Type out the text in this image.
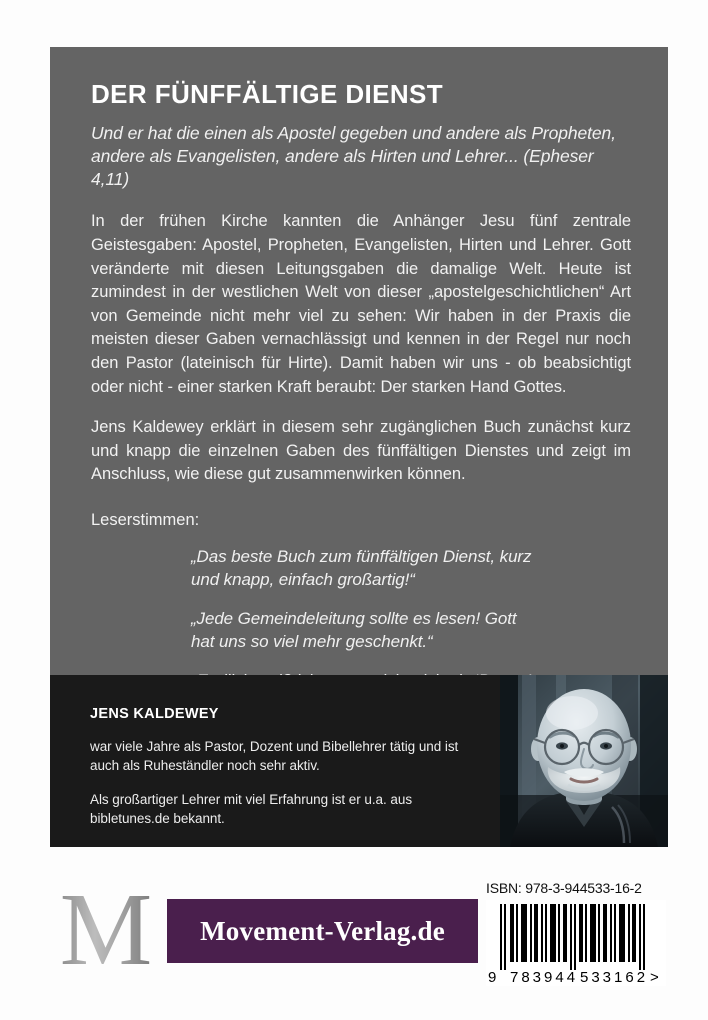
DER FÜNFFÄLTIGE DIENST

Und er hat die einen als Apostel gegeben und andere als Propheten, andere als Evangelisten, andere als Hirten und Lehrer... (Epheser 4,11)

In der frühen Kirche kannten die Anhänger Jesu fünf zentrale Geistesgaben: Apostel, Propheten, Evangelisten, Hirten und Lehrer. Gott veränderte mit diesen Leitungsgaben die damalige Welt. Heute ist zumindest in der westlichen Welt von dieser „apostelgeschichtlichen“ Art von Gemeinde nicht mehr viel zu sehen: Wir haben in der Praxis die meisten dieser Gaben vernachlässigt und kennen in der Regel nur noch den Pastor (lateinisch für Hirte). Damit haben wir uns - ob beabsichtigt oder nicht - einer starken Kraft beraubt: Der starken Hand Gottes.

Jens Kaldewey erklärt in diesem sehr zugänglichen Buch zunächst kurz und knapp die einzelnen Gaben des fünffältigen Dienstes und zeigt im Anschluss, wie diese gut zusammenwirken können.

Leserstimmen:

„Das beste Buch zum fünffältigen Dienst, kurz und knapp, einfach großartig!“
„Jede Gemeindeleitung sollte es lesen! Gott hat uns so viel mehr geschenkt.“

JENS KALDEWEY

war viele Jahre als Pastor, Dozent und Bibellehrer tätig und ist auch als Ruheständler noch sehr aktiv.

Als großartiger Lehrer mit viel Erfahrung ist er u.a. aus bibletunes.de bekannt.

M Movement-Verlag.de

ISBN: 978-3-944533-16-2

9 783944 533162 >
